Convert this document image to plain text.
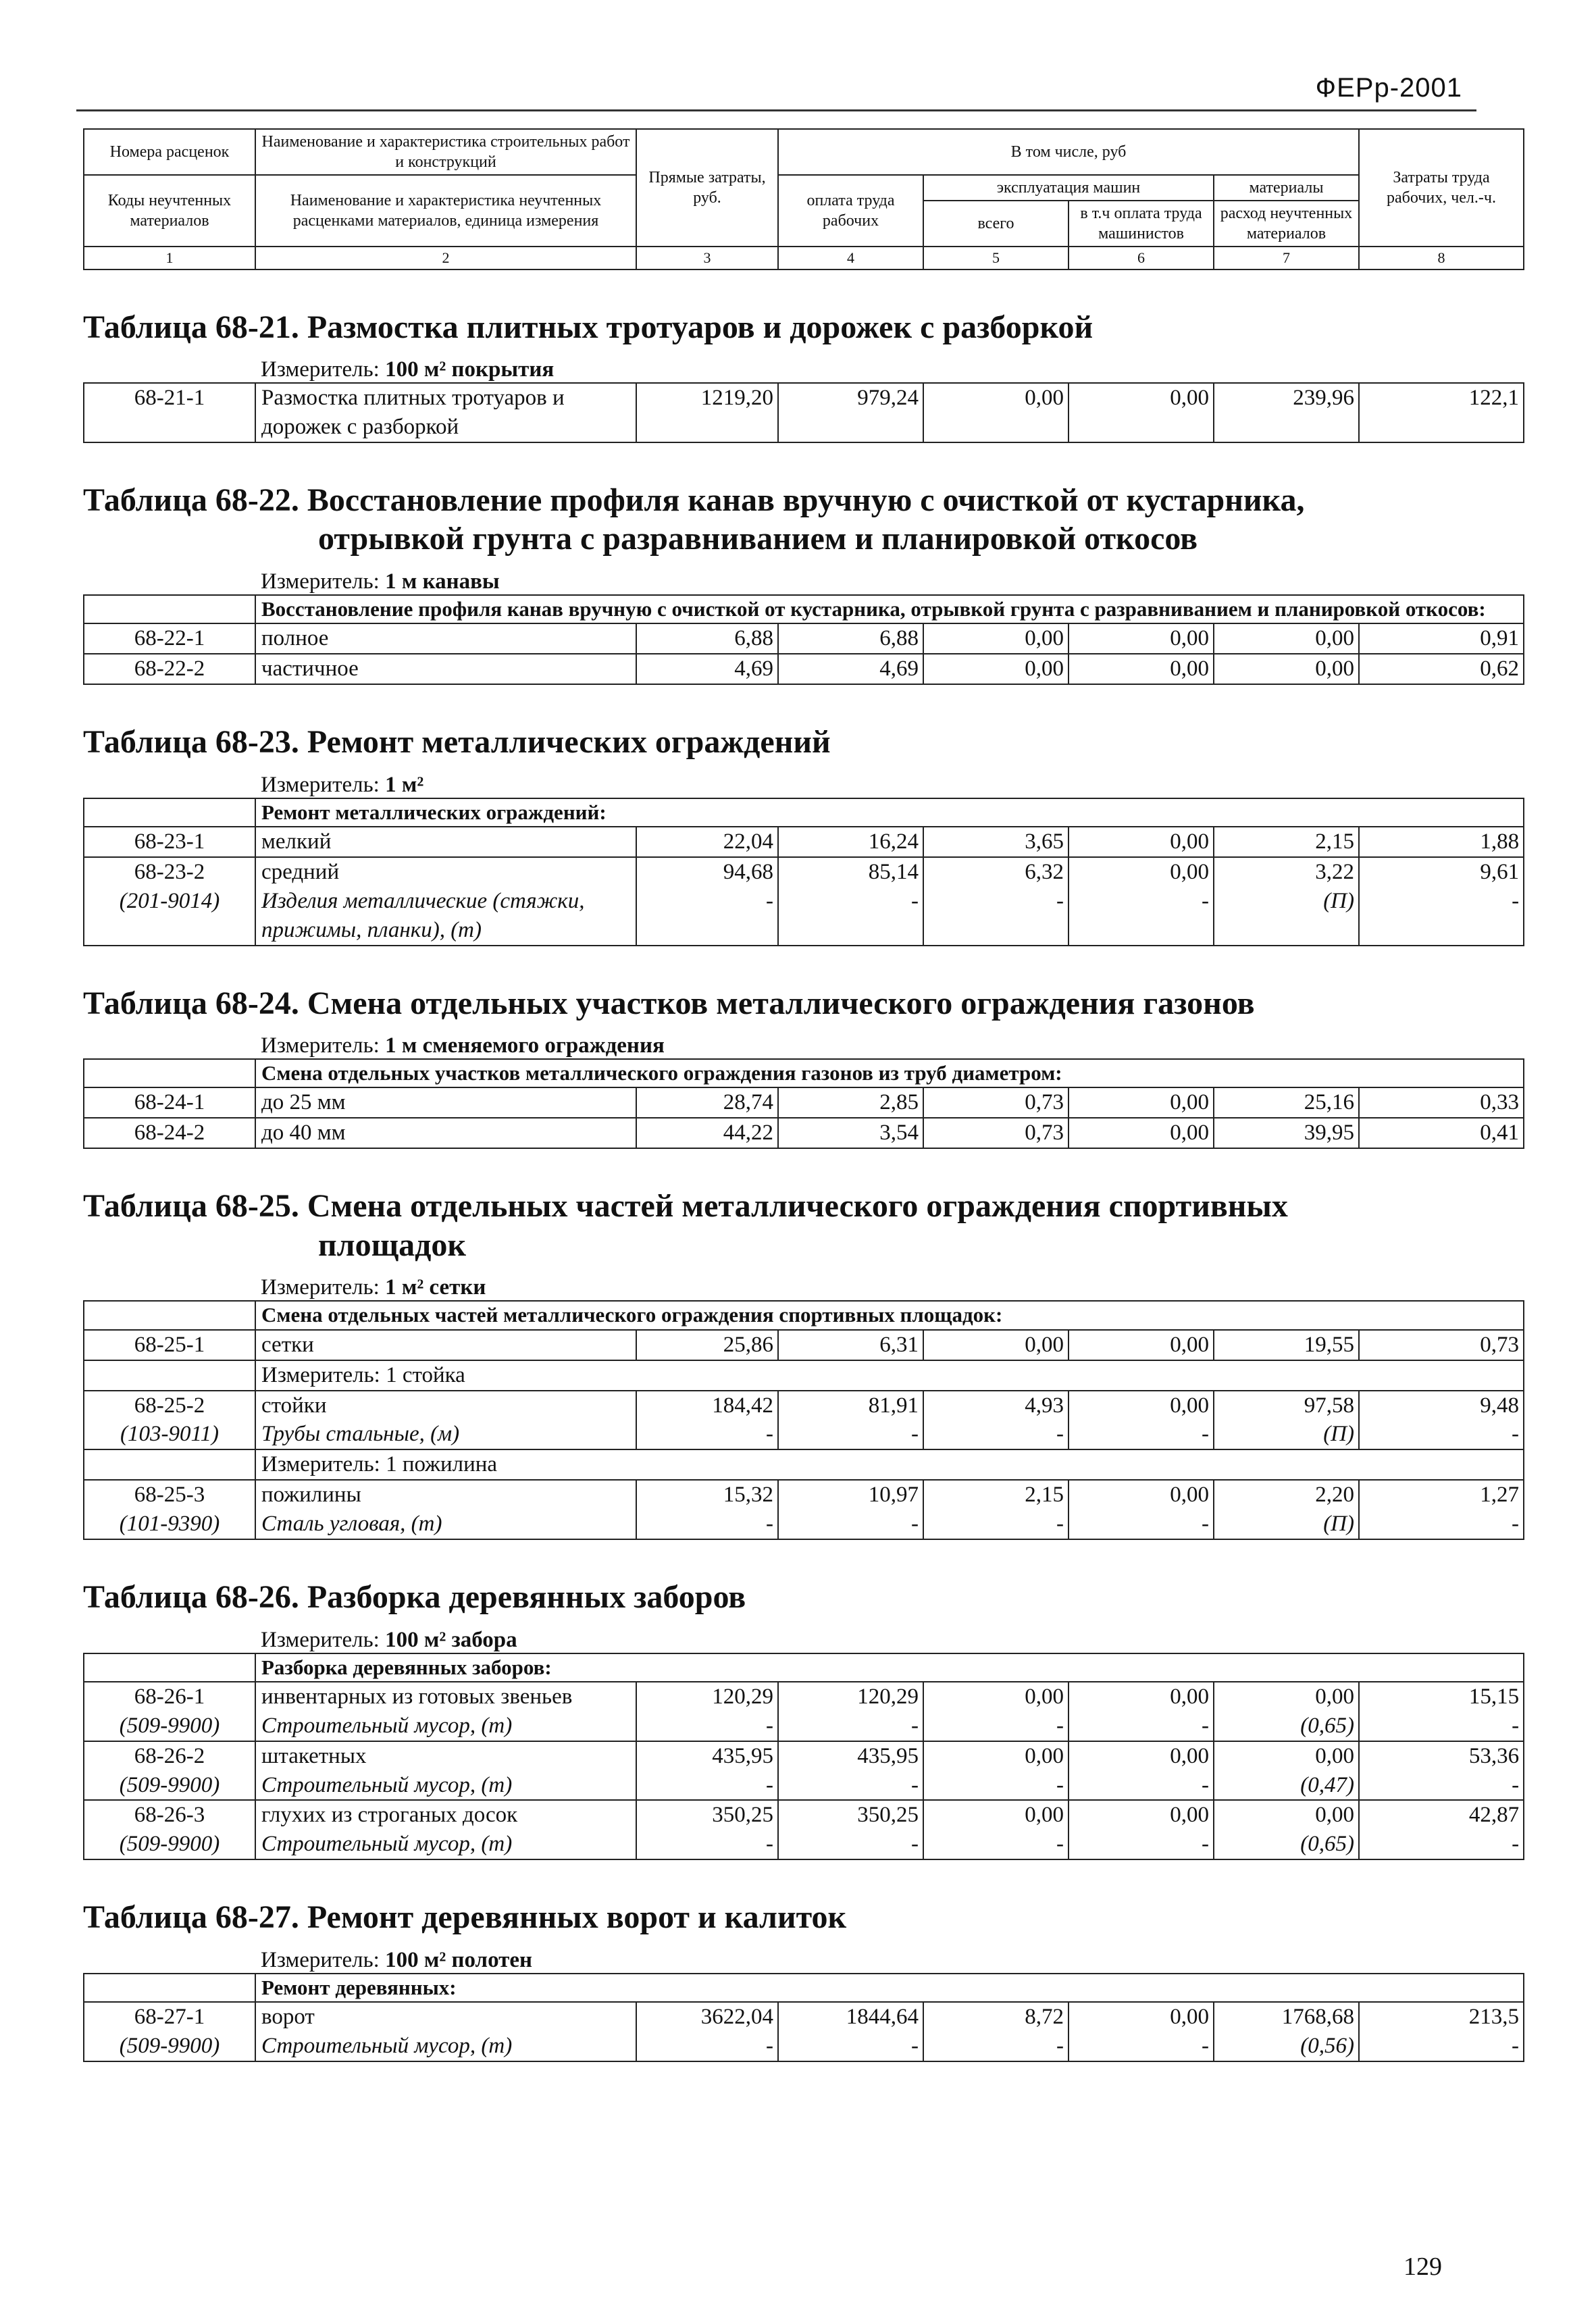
ФЕРр-2001
Номера расценок	Наименование и характеристика строительных работ и конструкций	Прямые затраты, руб.	В том числе, руб				Затраты труда рабочих, чел.-ч.
Коды неучтенных материалов	Наименование и характеристика неучтенных расценками материалов, единица измерения		оплата труда рабочих	эксплуатация машин		материалы	
				всего	в т.ч оплата труда машинистов	расход неучтенных материалов	
1	2	3	4	5	6	7	8
Таблица 68-21. Размостка плитных тротуаров и дорожек с разборкой
Измеритель: 100 м² покрытия
68-21-1	Размостка плитных тротуаров и дорожек с разборкой	1219,20	979,24	0,00	0,00	239,96	122,1
Таблица 68-22. Восстановление профиля канав вручную с очисткой от кустарника,
отрывкой грунта с разравниванием и планировкой откосов
Измеритель: 1 м канавы
	Восстановление профиля канав вручную с очисткой от кустарника, отрывкой грунта с разравниванием и планировкой откосов:						
68-22-1	полное	6,88	6,88	0,00	0,00	0,00	0,91
68-22-2	частичное	4,69	4,69	0,00	0,00	0,00	0,62
Таблица 68-23. Ремонт металлических ограждений
Измеритель: 1 м²
	Ремонт металлических ограждений:						
68-23-1	мелкий	22,04	16,24	3,65	0,00	2,15	1,88
68-23-2	средний	94,68	85,14	6,32	0,00	3,22	9,61
(201-9014)	Изделия металлические (стяжки, прижимы, планки), (т)	-	-	-	-	(П)	-
Таблица 68-24. Смена отдельных участков металлического ограждения газонов
Измеритель: 1 м сменяемого ограждения
	Смена отдельных участков металлического ограждения газонов из труб диаметром:						
68-24-1	до 25 мм	28,74	2,85	0,73	0,00	25,16	0,33
68-24-2	до 40 мм	44,22	3,54	0,73	0,00	39,95	0,41
Таблица 68-25. Смена отдельных частей металлического ограждения спортивных
площадок
Измеритель: 1 м² сетки
	Смена отдельных частей металлического ограждения спортивных площадок:						
68-25-1	сетки	25,86	6,31	0,00	0,00	19,55	0,73
	Измеритель: 1 стойка						
68-25-2	стойки	184,42	81,91	4,93	0,00	97,58	9,48
(103-9011)	Трубы стальные, (м)	-	-	-	-	(П)	-
	Измеритель: 1 пожилина						
68-25-3	пожилины	15,32	10,97	2,15	0,00	2,20	1,27
(101-9390)	Сталь угловая, (т)	-	-	-	-	(П)	-
Таблица 68-26. Разборка деревянных заборов
Измеритель: 100 м² забора
	Разборка деревянных заборов:						
68-26-1	инвентарных из готовых звеньев	120,29	120,29	0,00	0,00	0,00	15,15
(509-9900)	Строительный мусор, (т)	-	-	-	-	(0,65)	-
68-26-2	штакетных	435,95	435,95	0,00	0,00	0,00	53,36
(509-9900)	Строительный мусор, (т)	-	-	-	-	(0,47)	-
68-26-3	глухих из строганых досок	350,25	350,25	0,00	0,00	0,00	42,87
(509-9900)	Строительный мусор, (т)	-	-	-	-	(0,65)	-
Таблица 68-27. Ремонт деревянных ворот и калиток
Измеритель: 100 м² полотен
	Ремонт деревянных:						
68-27-1	ворот	3622,04	1844,64	8,72	0,00	1768,68	213,5
(509-9900)	Строительный мусор, (т)	-	-	-	-	(0,56)	-
129
